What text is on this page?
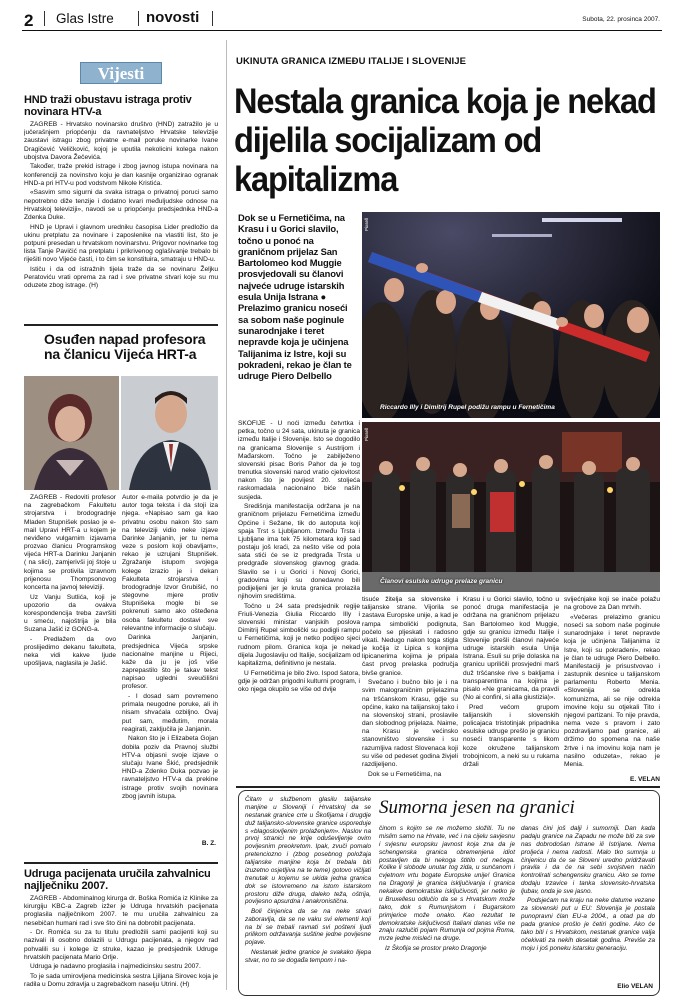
2 Glas Istre novosti	Subota, 22. prosinca 2007.
Vijesti
HND traži obustavu istraga protiv novinara HTV-a

ZAGREB - Hrvatsko novinarsko društvo (HND) zatražilo je u jučerašnjem priopćenju da ravnateljstvo Hrvatske televizije zaustavi istragu zbog privatne e-mail poruke novinarke Ivane Dragičević Veličković, kojoj je uputila nekolicini kolega nakon ubojstva Davora Žečevića.

Također, traže prekid istrage i zbog javnog istupa novinara na konferenciji za novinstvo koju je dan kasnije organizirao ogranak HND-a pri HTV-u pod vodstvom Nikole Kristića.

«Sasvim smo sigurni da svaka istraga o privatnoj poruci samo nepotrebno diže tenzije i dodatno kvari međuljudske odnose na Hrvatskoj televiziji», navodi se u priopćenju predsjednika HND-a Zdenka Duke.

HND je Upravi i glavnom uredniku časopisa Lider predložio da ukinu pretplatu za novinare i zaposlenike na vlastiti list, što je potpuni presedan u hrvatskom novinarstvu. Prigovor novinarke tog lista Tanje Pavičić na pretplatu i prikrivenog oglašivanje trebalo bi riješiti novo Vijeće časti, i to čim se konstituira, smatraju u HND-u.

Ističu i da od istražnih tijela traže da se novinaru Željku Peratoviću vrati oprema za rad i sve privatne stvari koje su mu oduzete zbog istrage. (H)

Osuđen napad profesora na članicu Vijeća HRT-a

ZAGREB - Redoviti profesor na zagrebačkom Fakultetu strojarstva i brodogradnje Mladen Stupnišek poslao je e-mail Upravi HRT-a u kojem je neviđeno vulgarnim izjavama prozvao članicu Programskog vijeća HRT-a Darinku Janjanin ( na slici), zamjerivši joj štoje u kojima se protivila izravnom prijenosu Thompsonovog koncerta na javnoj televiziji.

Uz Vanju Sutlića, koji je upozorio da ovakva korespondencija treba završiti u smeću, najoštrija je bila Suzana Jašić iz GONG-a.

- Predlažem da ovo proslijedimo dekanu fakulteta, neka vidi kakve ljude upošljava, naglasila je Jašić.

Autor e-maila potvrdio je da je autor toga teksta i da stoji iza njega. «Napisao sam ga kao privatnu osobu nakon što sam na televiziji vidio neke izjave Darinke Janjanin, jer tu nema veze s poslom koji obavljam», rekao je uzrujani Stupnišek. Zgražanje istupom svojega kolege izrazio je i dekan Fakulteta strojarstva i brodogradnje Izvor Grubišić, no stegovne mjere protiv Stupnišeka mogle bi se pokrenuti samo ako ošteđena osoba fakultetu dostavi sve relevantne informacije o slučaju.

Darinka Janjanin, predsjednica Vijeća srpske nacionalne manjine u Rijeci, kaže da ju je još više zaprepastilo što je takav tekst napisao ugledni sveučilišni profesor.

- I dosad sam povremeno primala neugodne poruke, ali ih nisam shvaćala ozbiljno. Ovaj put sam, međutim, morala reagirati, zaključila je Janjanin.

Nakon što je i Elizabeta Gojan dobila poziv da Pravnoj službi HTV-a objasni svoje izjave o slučaju Ivane Škić, predsjednik HND-a Zdenko Duka pozvao je ravnateljstvo HTV-a da prekine istrage protiv svojih novinara zbog javnih istupa.

B. Z.
Udruga pacijenata uručila zahvalnicu najlječniku 2007.

ZAGREB - Abdominalnog kirurga dr. Boška Romića iz Klinike za kirurgiju KBC-a Zagreb izžer je Udruga hrvatskih pacijenata proglasila najlječnikom 2007. te mu uručila zahvalnicu za nesebičan humani rad i sve što čini na dobrobit pacijenata.

- Dr. Romića su za tu titulu predložili sami pacijenti koji su nazivali ili osobno dolazili u Udrugu pacijenata, a njegov rad pohvalili su i kolege iz struke, kazao je predsjednik Udruge hrvatskih pacijenata Mario Orlje.

Udruga je nadavno proglasila i najmedicinsku sestru 2007.

To je sada umirovljena medicinska sestra Ljiljana Sirovec koja je radila u Domu zdravlja u zagrebačkom naselju Utrini. (H)

UKINUTA GRANICA IZMEĐU ITALIJE I SLOVENIJE
Nestala granica koja je nekad dijelila socijalizam od kapitalizma
Dok se u Fernetičima, na Krasu i u Gorici slavilo, točno u ponoć na graničnom prijelaz San Bartolomeo kod Muggie prosvjedovali su članovi najveće udruge istarskih esula Unija Istrana ● Prelazimo granicu noseći sa sobom naše poginule sunarodnjake i teret nepravde koja je učinjena Talijanima iz Istre, koji su pokradeni, rekao je član te udruge Piero Delbello
Riccardo Illy i Dimitrij Rupel podižu rampu u Fernetičima
Pixsell

ŠKOFIJE - U noći između četvrtka i petka, točno u 24 sata, ukinuta je granica između Italije i Slovenije. Isto se dogodilo na granicama Slovenije s Austrijom i Mađarskom. Točno je zabilježeno slovenski pisac Boris Pahor da je tog trenutka slovenski narod vratio cjelovitost nakon što je povijest 20. stoljeća raskomadala nacionalno biće naših susjeda.

Središnja manifestacija održana je na graničnom prijelazu Fernetičima između Općine i Sežane, tik do autoputa koji spaja Trst s Ljubljanom. Između Trsta i Ljubljane ima tek 75 kilometara koji sad postaju još kraći, za nešto više od pola sata stići će se iz predgrađa Trsta u predgrađe slovenskog glavnog grada. Slavilo se i u Gorici i Novoj Gorici, gradovima koji su donedavno bili podijeljeni jer je kruta granica prolazila njihovim središtima.

Točno u 24 sata predsjednik regije Friuli-Venezia Giulia Riccardo Illy i slovenski ministar vanjskih poslova Dimitrij Rupel simbolički su podigli rampu u Fernetičima, koji je netko podijeo sjeci rudnom pilom. Granica koja je nekad dijela Jugoslaviju od Italije, socijalizam od kapitalizma, definitivno je nestala.

U Fernetičima je bilo živo. Ispod šatora, gdje je održan prigodni kulturni program, i oko njega okupilo se više od dvije

Članovi esulske udruge prelaze granicu
Pixsell

tisuće žitelja sa slovenske i talijanske strane. Vijorila se zastava Europske unije, a kad je rampa simbolički podignuta, počelo se pljeskati i radosno vikati. Nedugo nakon toga stigla je kočija iz Lipica s konjima lipicanerima kojima je pripala čast prvog prelaska područja bivše granice.

Svečano i bučno bilo je i na svim malograničnim prijelazima na tršćanskom Krasu, gdje su općine, kako na talijanskoj tako i na slovenskoj strani, proslavile dan slobodnog prijelaza. Naime, na Krasu je većinsko stanovništvo slovenske i su razumljiva radost Slovenaca koji su više od pedeset godina živjeli razdijeljeno.

Dok se u Fernetičima, na

Krasu i u Gorici slavilo, točno u ponoć druga manifestacija je održana na graničnom prijelazu San Bartolomeo kod Muggie, gdje su granicu između Italije i Slovenije prešli članovi najveće udruge istarskih esula Unija Istrana. Esuli su prije dolaska na granicu upriličili prosvjedni marš duž tršćanske rive s bakljama i transparentima na kojima je pisalo «Ne granicama, da pravdi (No ai confini, si alla giustizia)».

Pred večom grupom talijanskih i slovenskih policajaca tristotinjak pripadnika esulske udruge prešlo je granicu noseći transparente s likom koze okružene talijanskom trobojnicom, a neki su u rukama držali

svijećnjake koji se inače polažu na grobove za Dan mrtvih.

«Večeras prelazimo granicu noseći sa sobom naše poginule sunarodnjake i teret nepravde koja je učinjena Talijanima iz Istre, koji su pokradeni», rekao je član te udruge Piero Delbello. Manifestaciji je prisustvovao i zastupnik desnice u talijanskom parlamentu Roberto Menia. «Slovenija se odrekla komunizma, ali se nije odrekla imovine koju su otjekali Tito i njegovi partizani. To nije pravda, nema veze s pravom i zato pozdravljamo pad granice, ali držimo do spomena na naše žrtve i na imovinu koja nam je nasilno oduzeta», rekao je Menia.

E. VELAN

Čitam u službenom glasilu talijanske manjine u Sloveniji i Hrvatskoj da se nestanak granice crte u Škofijama i drugdje duž talijansko-slovenske granice usporeduje s «blagoslovljenim prolaženjem». Naslov na prvoj stranici ne krije oduševljenje ovim povijesnim preokretom. Ipak, zvuči pomalo pretenciozno i (zbog posebnog položaja talijanske manjine koja bi trebala biti izuzetno osjetljiva na te teme) gotovo vičljati trenutak u kojemu se ukida jedna granica dok se istovremeno na istom istarskom prostoru diže druga, daleko teža, oštrija, povijesno apsurdna i anakronistična.

Boli činjenica da se na neke stvari zaboravlja, da se ne vaku svi elementi koji na bi se trebali ravnati svi pošteni ljudi prilikom održavanja suštine jedne povijesne pojave.

Nestanak jedne granice je svakako lijepa stvar, no to se događa tempom i na-

Sumorna jesen na granici

činom s kojim se ne možemo složiti. Tu ne mislim samo na Hrvate, već i na cijelu savjesnu i svjesnu europsku javnost koja zna da je schengenska granica obremenjena idiot postavljen da bi nekoga štitilo od nečega. Kolike li slobode unutar tog zida, u sunčanom i cvjetnom vrtu bogate Europske unije! Granica na Dragonji je granica isključivanja i granica nekakve demokratske isključivosti, jer netko je u Bruxellesu odlučio da se s Hrvatskom može tako, dok s Rumunjskom i Bugarskom primjerice može onako. Kao rezultat te demokratske isključivosti Italiani danas više ne znaju razlučiti pojam Rumunja od pojma Roma, mrze jedne misleći na druge.

Iz Škofija se prostor preko Dragonje

danas čini još dalji i sumorniji. Dan kada padaju granice na Zapadu ne može biti za sve nas dobrodošan Istrane ili Istrijane. Nema proljeća i nema radosti. Malo tko sumnja u činjenicu da će se Sloveni uredno pridržavati pravila i da će na sebi svojstven način kontrolirati schengensku granicu. Ako se tome dodaju trzavice i tanka slovensko-hrvatska ljubav, onda je sve jasno.

Podsjećam na kraju na neke datume vezane za slovenski put u EU: Slovenija je postala punopravni član EU-a 2004., a otad pa do pada granice prošlo je četiri godine. Ako će tako biti i s Hrvatskom, nestanak granice valja očekivati za nekih desetak godina. Previše za moju i još poneku istarsku generaciju.

Elio VELAN
